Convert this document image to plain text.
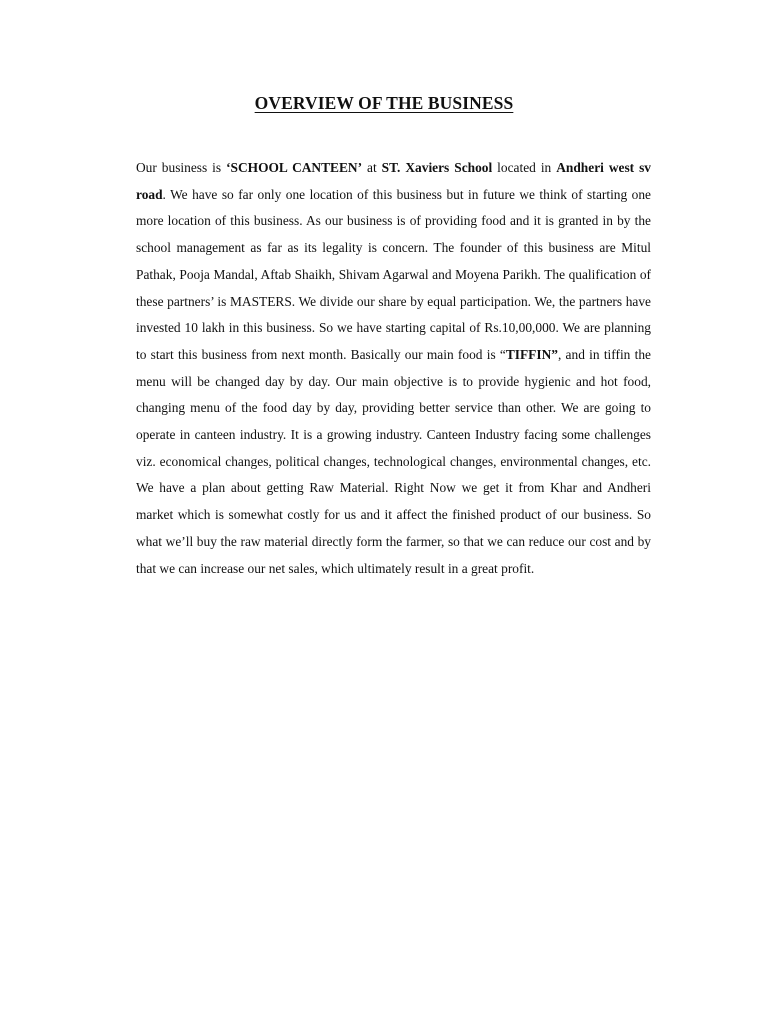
OVERVIEW OF THE BUSINESS

Our business is ‘SCHOOL CANTEEN’ at ST. Xaviers School located in Andheri west sv road. We have so far only one location of this business but in future we think of starting one more location of this business. As our business is of providing food and it is granted in by the school management as far as its legality is concern. The founder of this business are Mitul Pathak, Pooja Mandal, Aftab Shaikh, Shivam Agarwal and Moyena Parikh. The qualification of these partners’ is MASTERS. We divide our share by equal participation. We, the partners have invested 10 lakh in this business. So we have starting capital of Rs.10,00,000. We are planning to start this business from next month. Basically our main food is “TIFFIN”, and in tiffin the menu will be changed day by day. Our main objective is to provide hygienic and hot food, changing menu of the food day by day, providing better service than other. We are going to operate in canteen industry. It is a growing industry. Canteen Industry facing some challenges viz. economical changes, political changes, technological changes, environmental changes, etc. We have a plan about getting Raw Material. Right Now we get it from Khar and Andheri market which is somewhat costly for us and it affect the finished product of our business. So what we’ll buy the raw material directly form the farmer, so that we can reduce our cost and by that we can increase our net sales, which ultimately result in a great profit.
